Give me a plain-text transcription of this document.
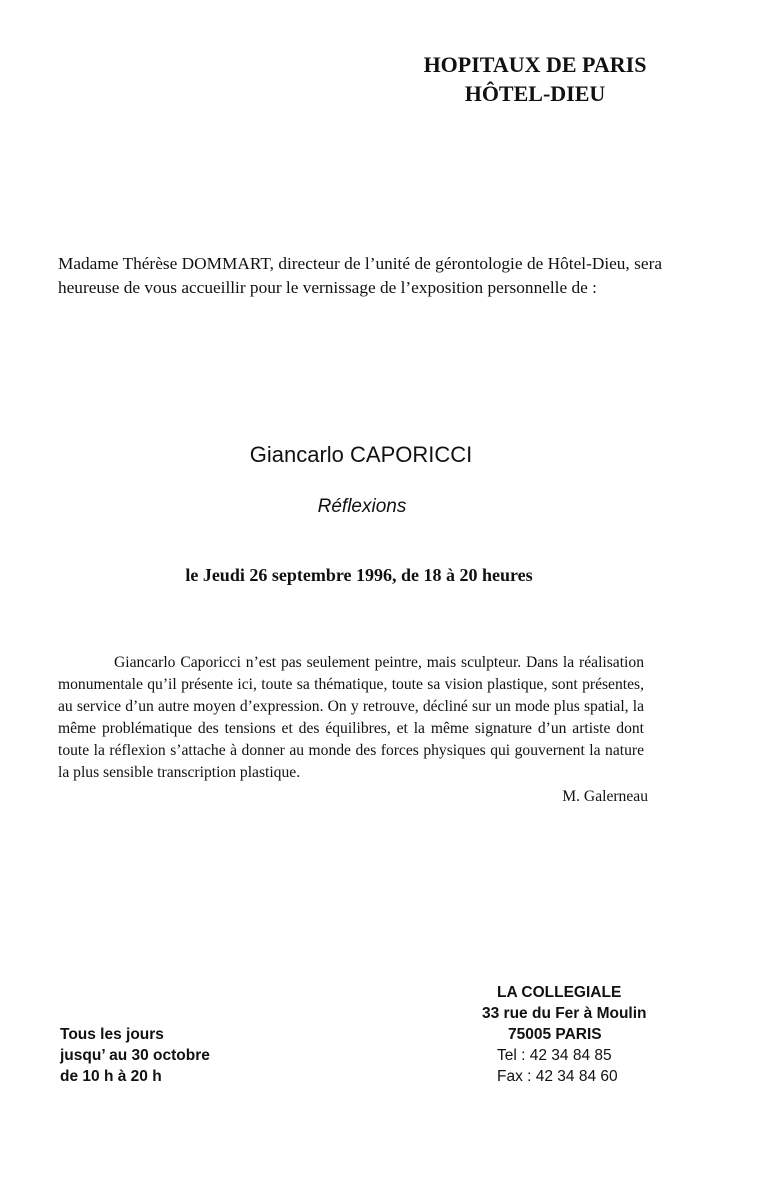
HOPITAUX DE PARIS
HÔTEL-DIEU
Madame Thérèse DOMMART, directeur de l’unité de gérontologie de Hôtel-Dieu, sera heureuse de vous accueillir pour le vernissage de l’exposition personnelle de :
Giancarlo CAPORICCI
Réflexions
le Jeudi 26 septembre 1996, de 18 à 20 heures
Giancarlo Caporicci n’est pas seulement peintre, mais sculpteur. Dans la réalisation monumentale qu’il présente ici, toute sa thématique, toute sa vision plastique, sont présentes, au service d’un autre moyen d’expression. On y retrouve, décliné sur un mode plus spatial, la même problématique des tensions et des équilibres, et la même signature d’un artiste dont toute la réflexion s’attache à donner au monde des forces physiques qui gouvernent la nature la plus sensible transcription plastique.
M. Galerneau
Tous les jours
jusqu’ au 30 octobre
de 10 h à 20 h
LA COLLEGIALE
33 rue du Fer à Moulin
75005 PARIS
Tel : 42 34 84 85
Fax : 42 34 84 60
